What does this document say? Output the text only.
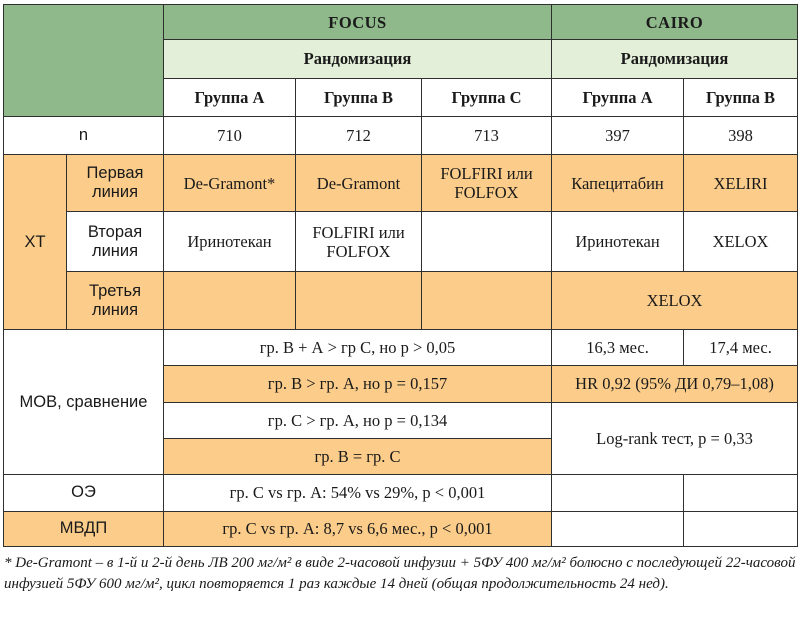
		FOCUS			CAIRO	
		Рандомизация			Рандомизация	
		Группа А	Группа В	Группа С	Группа А	Группа В
n		710	712	713	397	398
ХТ	Первая линия	De-Gramont*	De-Gramont	FOLFIRI или FOLFOX	Капецитабин	XELIRI
	Вторая линия	Иринотекан	FOLFIRI или FOLFOX		Иринотекан	XELOX
	Третья линия				XELOX	
МОВ, сравнение		гр. В + А > гр С, но р > 0,05			16,3 мес.	17,4 мес.
		гр. В > гр. А, но р = 0,157			HR 0,92 (95% ДИ 0,79–1,08)	
		гр. С > гр. А, но р = 0,134			Log-rank тест, р = 0,33	
		гр. В = гр. С				
ОЭ		гр. С vs гр. А: 54% vs 29%, р < 0,001				
МВДП		гр. С vs гр. А: 8,7 vs 6,6 мес., р < 0,001				
* De-Gramont – в 1-й и 2-й день ЛВ 200 мг/м² в виде 2-часовой инфузии + 5ФУ 400 мг/м² болюсно с последующей 22-часовой инфузией 5ФУ 600 мг/м², цикл повторяется 1 раз каждые 14 дней (общая продолжительность 24 нед).
